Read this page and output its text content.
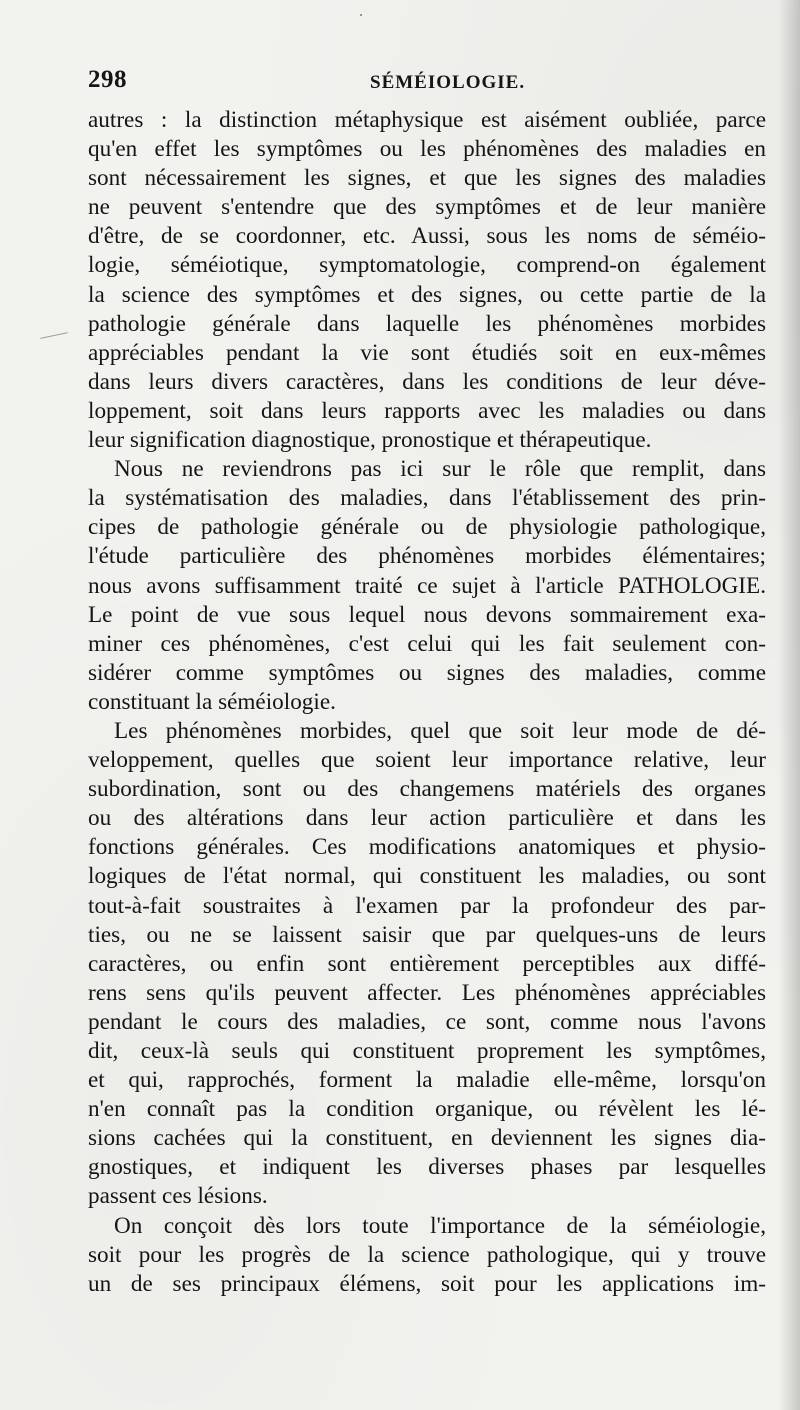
298	SÉMÉIOLOGIE.
autres : la distinction métaphysique est aisément oubliée, parce
qu'en effet les symptômes ou les phénomènes des maladies en
sont nécessairement les signes, et que les signes des maladies
ne peuvent s'entendre que des symptômes et de leur manière
d'être, de se coordonner, etc. Aussi, sous les noms de séméio-
logie, séméiotique, symptomatologie, comprend-on également
la science des symptômes et des signes, ou cette partie de la
pathologie générale dans laquelle les phénomènes morbides
appréciables pendant la vie sont étudiés soit en eux-mêmes
dans leurs divers caractères, dans les conditions de leur déve-
loppement, soit dans leurs rapports avec les maladies ou dans
leur signification diagnostique, pronostique et thérapeutique.
Nous ne reviendrons pas ici sur le rôle que remplit, dans
la systématisation des maladies, dans l'établissement des prin-
cipes de pathologie générale ou de physiologie pathologique,
l'étude particulière des phénomènes morbides élémentaires;
nous avons suffisamment traité ce sujet à l'article PATHOLOGIE.
Le point de vue sous lequel nous devons sommairement exa-
miner ces phénomènes, c'est celui qui les fait seulement con-
sidérer comme symptômes ou signes des maladies, comme
constituant la séméiologie.
Les phénomènes morbides, quel que soit leur mode de dé-
veloppement, quelles que soient leur importance relative, leur
subordination, sont ou des changemens matériels des organes
ou des altérations dans leur action particulière et dans les
fonctions générales. Ces modifications anatomiques et physio-
logiques de l'état normal, qui constituent les maladies, ou sont
tout-à-fait soustraites à l'examen par la profondeur des par-
ties, ou ne se laissent saisir que par quelques-uns de leurs
caractères, ou enfin sont entièrement perceptibles aux diffé-
rens sens qu'ils peuvent affecter. Les phénomènes appréciables
pendant le cours des maladies, ce sont, comme nous l'avons
dit, ceux-là seuls qui constituent proprement les symptômes,
et qui, rapprochés, forment la maladie elle-même, lorsqu'on
n'en connaît pas la condition organique, ou révèlent les lé-
sions cachées qui la constituent, en deviennent les signes dia-
gnostiques, et indiquent les diverses phases par lesquelles
passent ces lésions.
On conçoit dès lors toute l'importance de la séméiologie,
soit pour les progrès de la science pathologique, qui y trouve
un de ses principaux élémens, soit pour les applications im-
